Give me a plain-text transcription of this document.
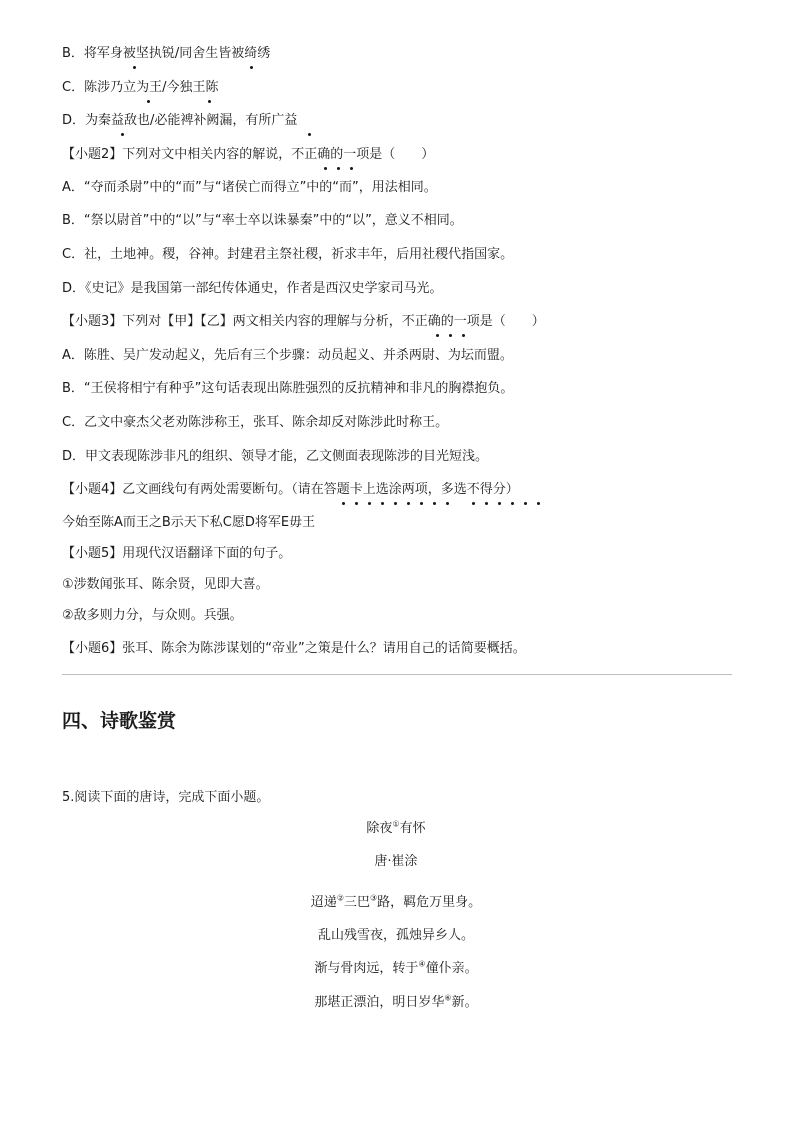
B．将军身被坚执锐/同舍生皆被绮绣
C．陈涉乃立为王/今独王陈
D．为秦益敌也/必能裨补阙漏，有所广益
【小题2】下列对文中相关内容的解说，不正确的一项是（　　）
A．“夺而杀尉”中的“而”与“诸侯亡而得立”中的“而”，用法相同。
B．“祭以尉首”中的“以”与“率士卒以诛暴秦”中的“以”，意义不相同。
C．社，土地神。稷，谷神。封建君主祭社稷，祈求丰年，后用社稷代指国家。
D．《史记》是我国第一部纪传体通史，作者是西汉史学家司马光。
【小题3】下列对【甲】【乙】两文相关内容的理解与分析，不正确的一项是（　　）
A．陈胜、吴广发动起义，先后有三个步骤：动员起义、并杀两尉、为坛而盟。
B．“王侯将相宁有种乎”这句话表现出陈胜强烈的反抗精神和非凡的胸襟抱负。
C．乙文中豪杰父老劝陈涉称王，张耳、陈余却反对陈涉此时称王。
D．甲文表现陈涉非凡的组织、领导才能，乙文侧面表现陈涉的目光短浅。
【小题4】乙文画线句有两处需要断句。（请在答题卡上选涂两项，多选不得分）
今始至陈A而王之B示天下私C愿D将军E毋王
【小题5】用现代汉语翻译下面的句子。
①涉数闻张耳、陈余贤，见即大喜。
②敌多则力分，与众则。兵强。
【小题6】张耳、陈余为陈涉谋划的“帝业”之策是什么？请用自己的话简要概括。
四、诗歌鉴赏
5.阅读下面的唐诗，完成下面小题。
除夜①有怀
唐·崔涂
迢递②三巴③路，羁危万里身。
乱山残雪夜，孤烛异乡人。
渐与骨肉远，转于④僮仆亲。
那堪正漂泊，明日岁华⑥新。
